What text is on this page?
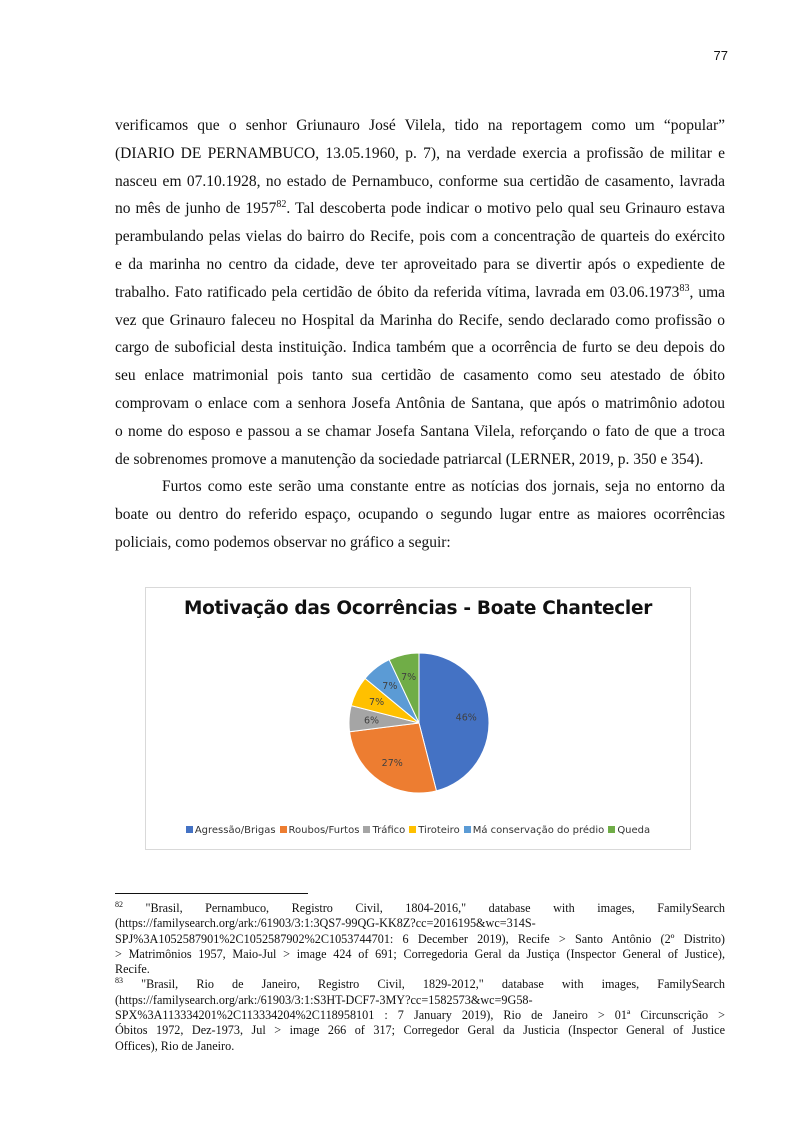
77
verificamos que o senhor Griunauro José Vilela, tido na reportagem como um “popular”
(DIARIO DE PERNAMBUCO, 13.05.1960, p. 7), na verdade exercia a profissão de militar e
nasceu em 07.10.1928, no estado de Pernambuco, conforme sua certidão de casamento, lavrada
no mês de junho de 1957$^{82}$. Tal descoberta pode indicar o motivo pelo qual seu Grinauro estava
perambulando pelas vielas do bairro do Recife, pois com a concentração de quarteis do exército
e da marinha no centro da cidade, deve ter aproveitado para se divertir após o expediente de
trabalho. Fato ratificado pela certidão de óbito da referida vítima, lavrada em 03.06.1973$^{83}$, uma
vez que Grinauro faleceu no Hospital da Marinha do Recife, sendo declarado como profissão o
cargo de suboficial desta instituição. Indica também que a ocorrência de furto se deu depois do
seu enlace matrimonial pois tanto sua certidão de casamento como seu atestado de óbito
comprovam o enlace com a senhora Josefa Antônia de Santana, que após o matrimônio adotou
o nome do esposo e passou a se chamar Josefa Santana Vilela, reforçando o fato de que a troca
de sobrenomes promove a manutenção da sociedade patriarcal (LERNER, 2019, p. 350 e 354).
Furtos como este serão uma constante entre as notícias dos jornais, seja no entorno da
boate ou dentro do referido espaço, ocupando o segundo lugar entre as maiores ocorrências
policiais, como podemos observar no gráfico a seguir:
Motivação das Ocorrências - Boate Chantecler
46%
27%
6%
7%
7%
7%
Agressão/Brigas Roubos/Furtos Tráfico Tiroteiro Má conservação do prédio Queda
$^{82}$ "Brasil, Pernambuco, Registro Civil, 1804-2016," database with images, FamilySearch
(https://familysearch.org/ark:/61903/3:1:3QS7-99QG-KK8Z?cc=2016195&wc=314S-
SPJ%3A1052587901%2C1052587902%2C1053744701: 6 December 2019), Recife > Santo Antônio (2º Distrito)
> Matrimônios 1957, Maio-Jul > image 424 of 691; Corregedoria Geral da Justiça (Inspector General of Justice),
Recife.
$^{83}$ "Brasil, Rio de Janeiro, Registro Civil, 1829-2012," database with images, FamilySearch
(https://familysearch.org/ark:/61903/3:1:S3HT-DCF7-3MY?cc=1582573&wc=9G58-
SPX%3A113334201%2C113334204%2C118958101 : 7 January 2019), Rio de Janeiro > 01ª Circunscrição >
Óbitos 1972, Dez-1973, Jul > image 266 of 317; Corregedor Geral da Justicia (Inspector General of Justice
Offices), Rio de Janeiro.
